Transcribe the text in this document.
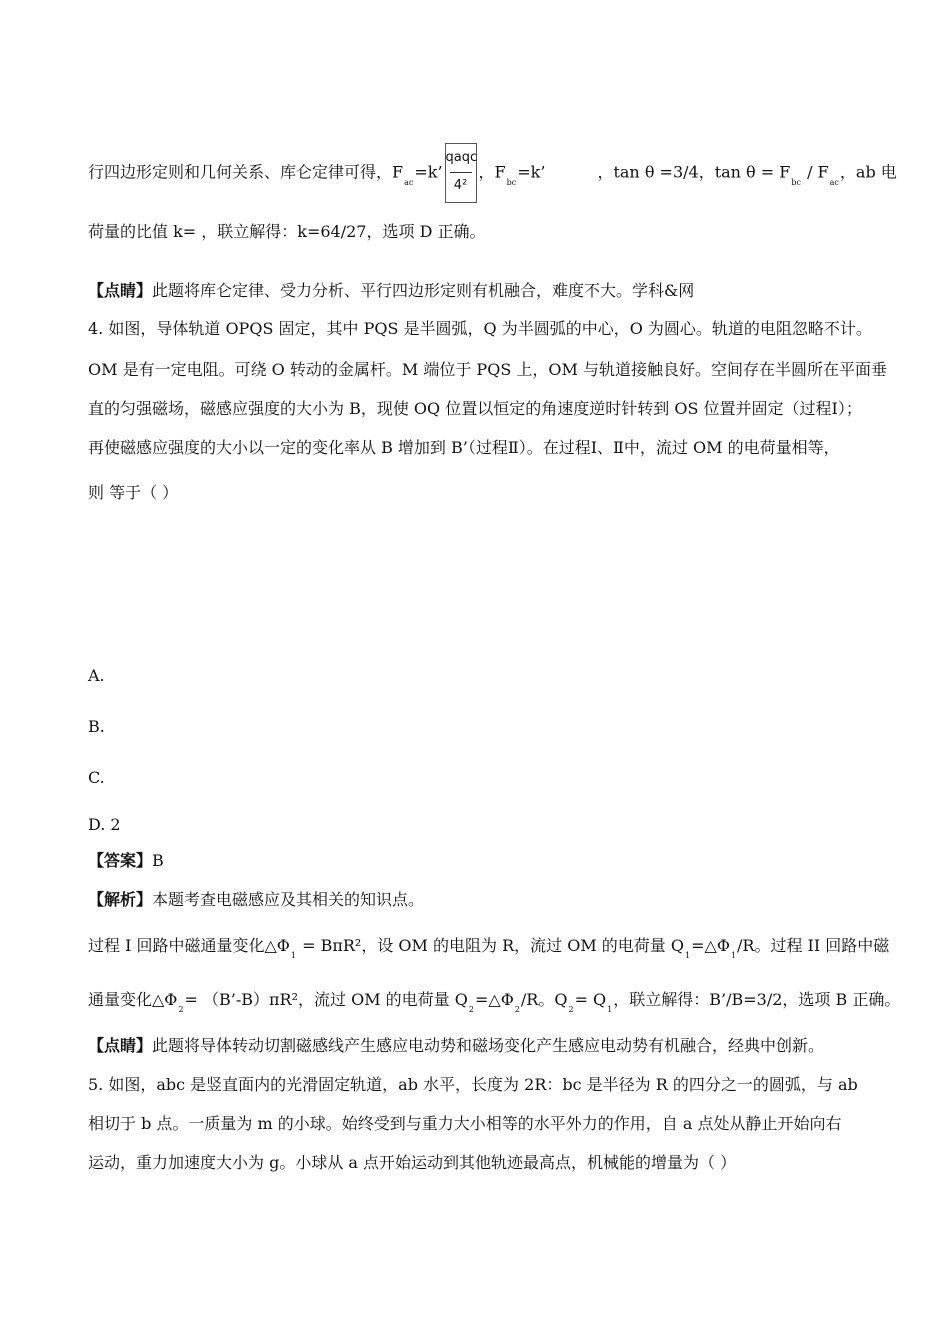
行四边形定则和几何关系、库仑定律可得，$F_{ac}=k$’ $\frac{\text{qaqc}}{\text{4²}}$ ，$F_{bc}=k$’	，tan θ =3/4，$\tan \theta = F_{bc} / F_{ac}$，ab 电
荷量的比值 k= ，联立解得：k=64/27，选项 D 正确。
【点睛】此题将库仑定律、受力分析、平行四边形定则有机融合，难度不大。学科&网
4. 如图，导体轨道 OPQS 固定，其中 PQS 是半圆弧，Q 为半圆弧的中心，O 为圆心。轨道的电阻忽略不计。
OM 是有一定电阻。可绕 O 转动的金属杆。M 端位于 PQS 上，OM 与轨道接触良好。空间存在半圆所在平面垂
直的匀强磁场，磁感应强度的大小为 B，现使 OQ 位置以恒定的角速度逆时针转到 OS 位置并固定（过程Ⅰ）；
再使磁感应强度的大小以一定的变化率从 B 增加到 B’（过程Ⅱ）。在过程Ⅰ、Ⅱ中，流过 OM 的电荷量相等，
则 等于（ ）
A.
B.
C.
D. 2
【答案】B
【解析】本题考查电磁感应及其相关的知识点。
过程 I 回路中磁通量变化$\triangle\Phi_1 = B\pi R^2$，设 OM 的电阻为 R，流过 OM 的电荷量 $Q_1=\triangle\Phi_1/R$。过程 II 回路中磁
通量变化$\triangle\Phi_2=$ （B’-B）πR²，流过 OM 的电荷量 $Q_2=\triangle\Phi_2/R$。$Q_2= Q_1$，联立解得：B’/B=3/2，选项 B 正确。
【点睛】此题将导体转动切割磁感线产生感应电动势和磁场变化产生感应电动势有机融合，经典中创新。
5. 如图，abc 是竖直面内的光滑固定轨道，ab 水平，长度为 2R：bc 是半径为 R 的四分之一的圆弧，与 ab
相切于 b 点。一质量为 m 的小球。始终受到与重力大小相等的水平外力的作用，自 a 点处从静止开始向右
运动，重力加速度大小为 g。小球从 a 点开始运动到其他轨迹最高点，机械能的增量为（ ）
